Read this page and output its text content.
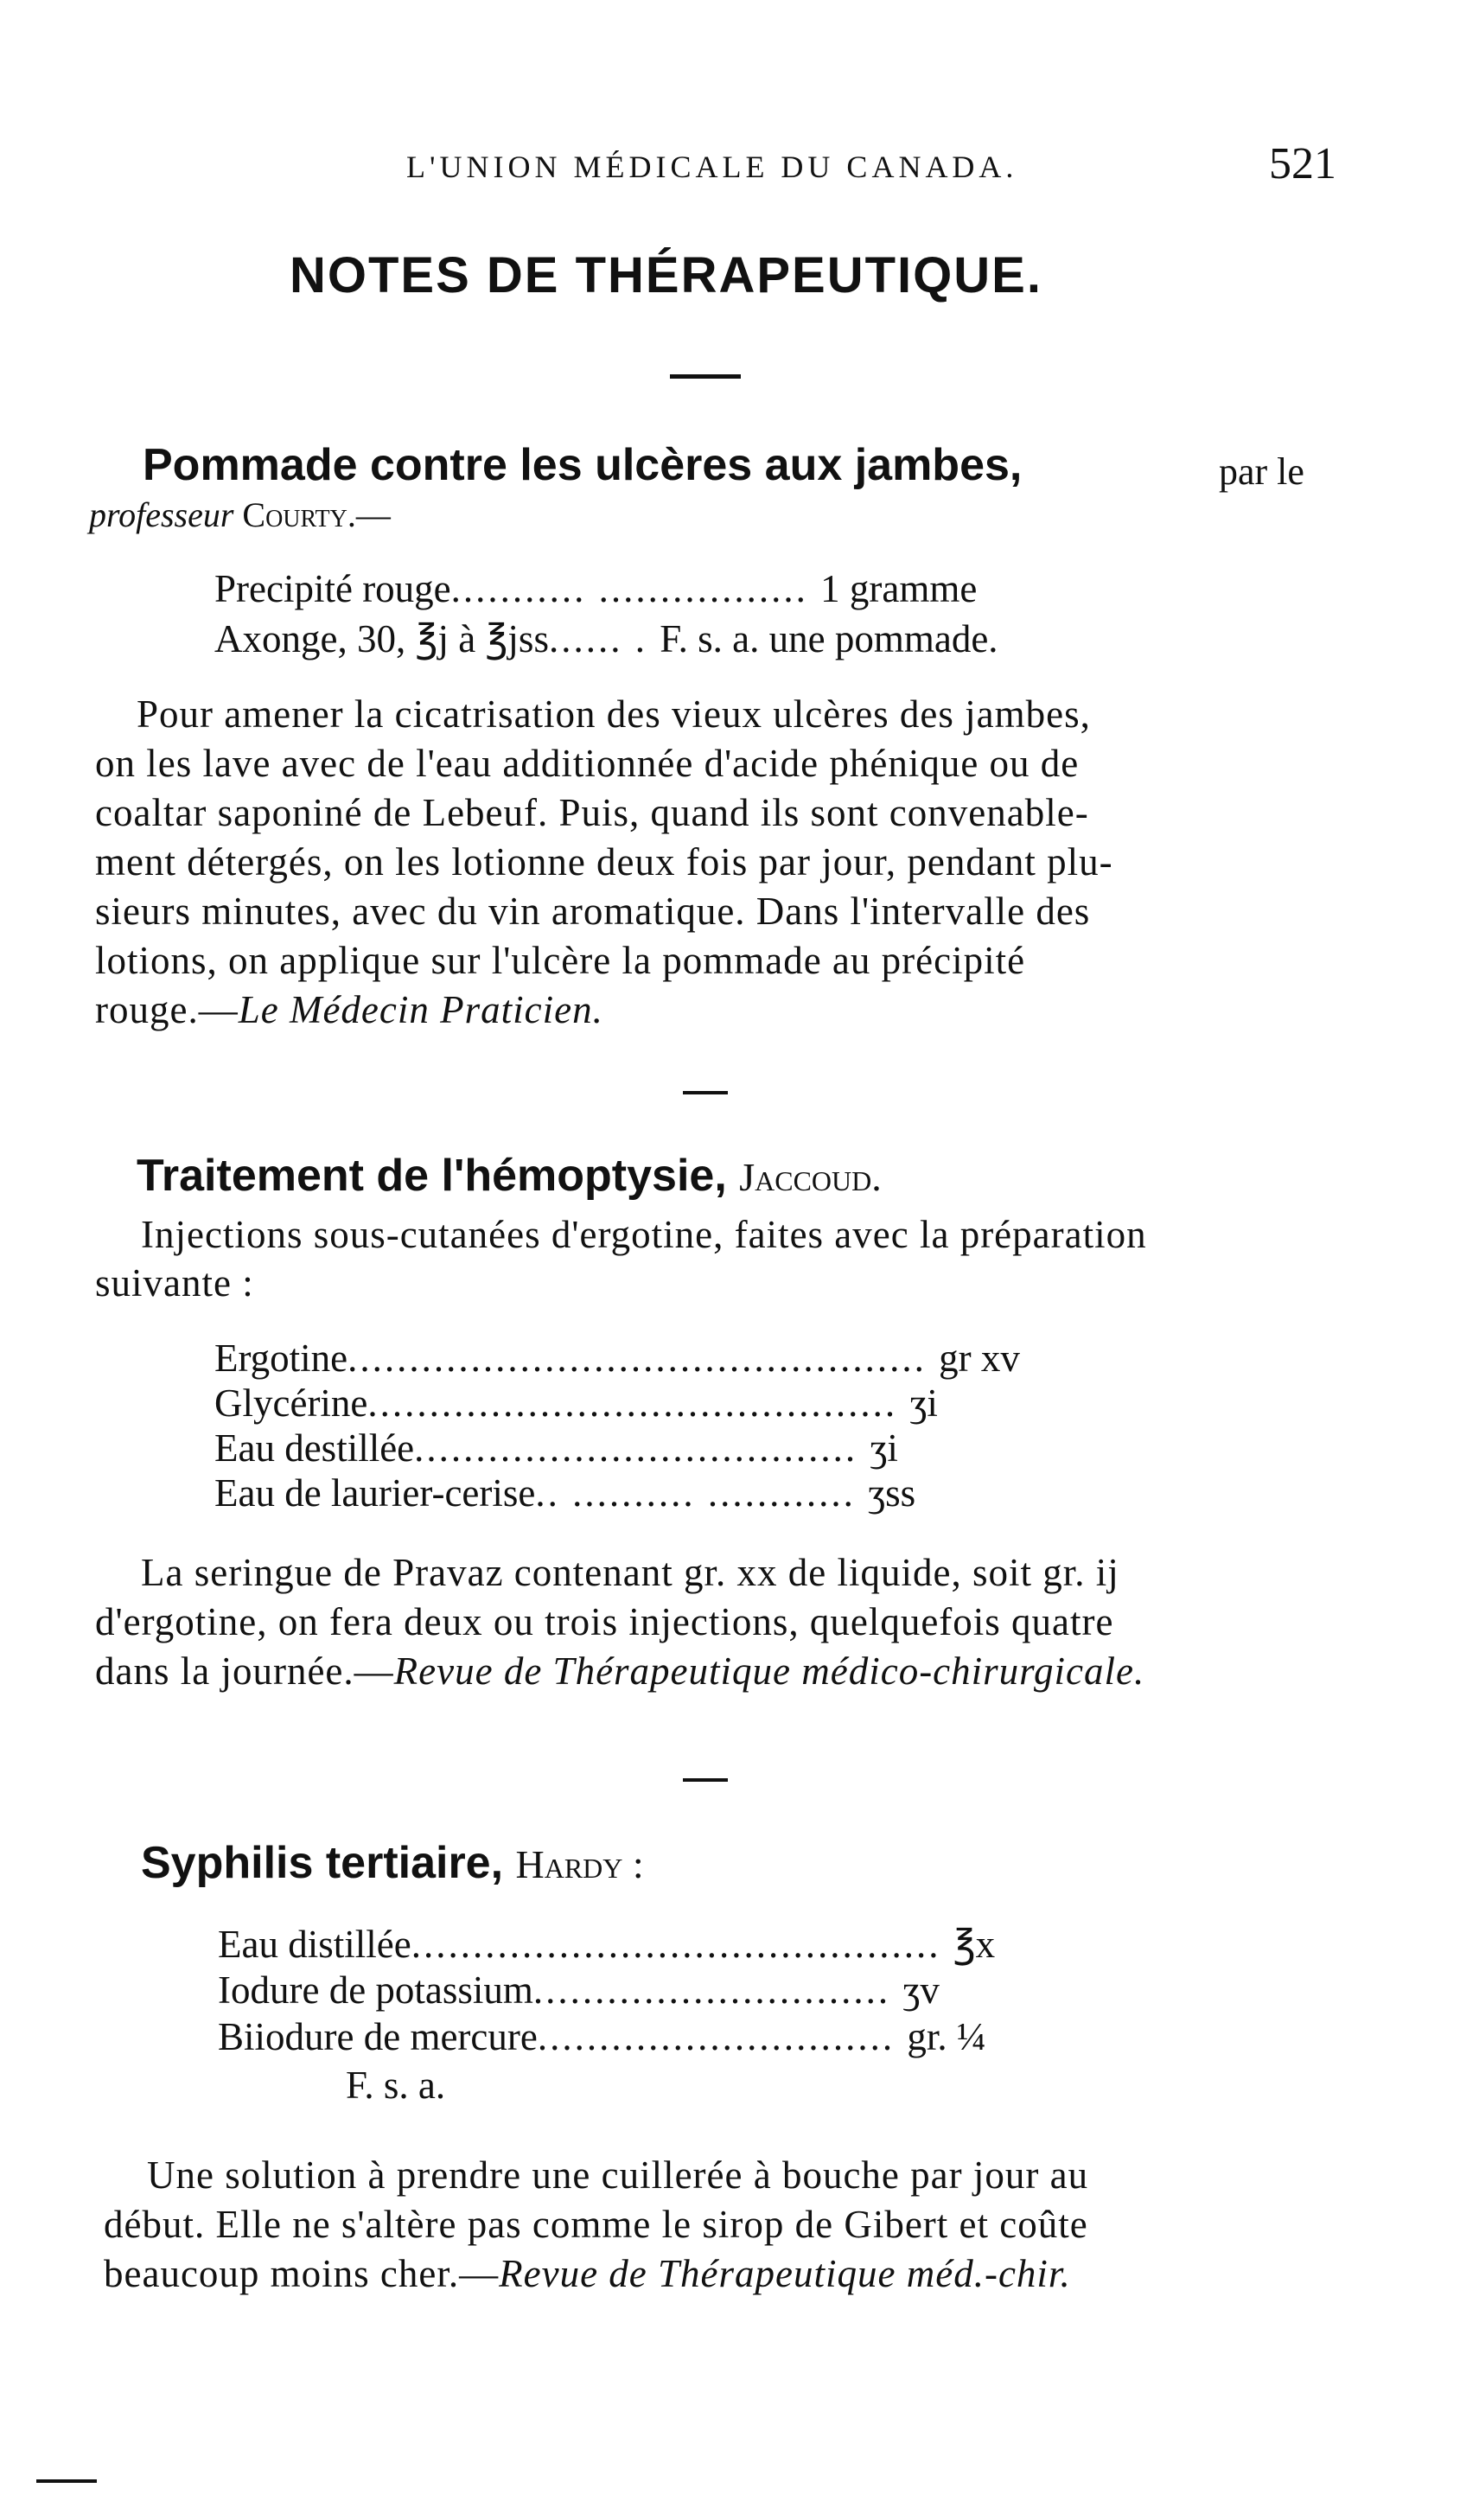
L'UNION MÉDICALE DU CANADA.	521
NOTES DE THÉRAPEUTIQUE.
Pommade contre les ulcères aux jambes,	par le
professeur Courty.—
Precipité rouge........... ................. 1 gramme
Axonge, 30, ℥j à ℥jss...... . F. s. a. une pommade.
Pour amener la cicatrisation des vieux ulcères des jambes,
on les lave avec de l'eau additionnée d'acide phénique ou de
coaltar saponiné de Lebeuf. Puis, quand ils sont convenable-
ment détergés, on les lotionne deux fois par jour, pendant plu-
sieurs minutes, avec du vin aromatique. Dans l'intervalle des
lotions, on applique sur l'ulcère la pommade au précipité
rouge.—Le Médecin Praticien.
Traitement de l'hémoptysie, Jaccoud.
Injections sous-cutanées d'ergotine, faites avec la préparation
suivante :
Ergotine............................................... gr xv
Glycérine........................................... ʒi
Eau destillée.................................... ʒi
Eau de laurier-cerise.. .......... ............ ʒss
La seringue de Pravaz contenant gr. xx de liquide, soit gr. ij
d'ergotine, on fera deux ou trois injections, quelquefois quatre
dans la journée.—Revue de Thérapeutique médico-chirurgicale.
Syphilis tertiaire, Hardy :
Eau distillée........................................... ℥x
Iodure de potassium............................. ʒv
Biiodure de mercure............................. gr. ¼
F. s. a.
Une solution à prendre une cuillerée à bouche par jour au
début. Elle ne s'altère pas comme le sirop de Gibert et coûte
beaucoup moins cher.—Revue de Thérapeutique méd.-chir.
